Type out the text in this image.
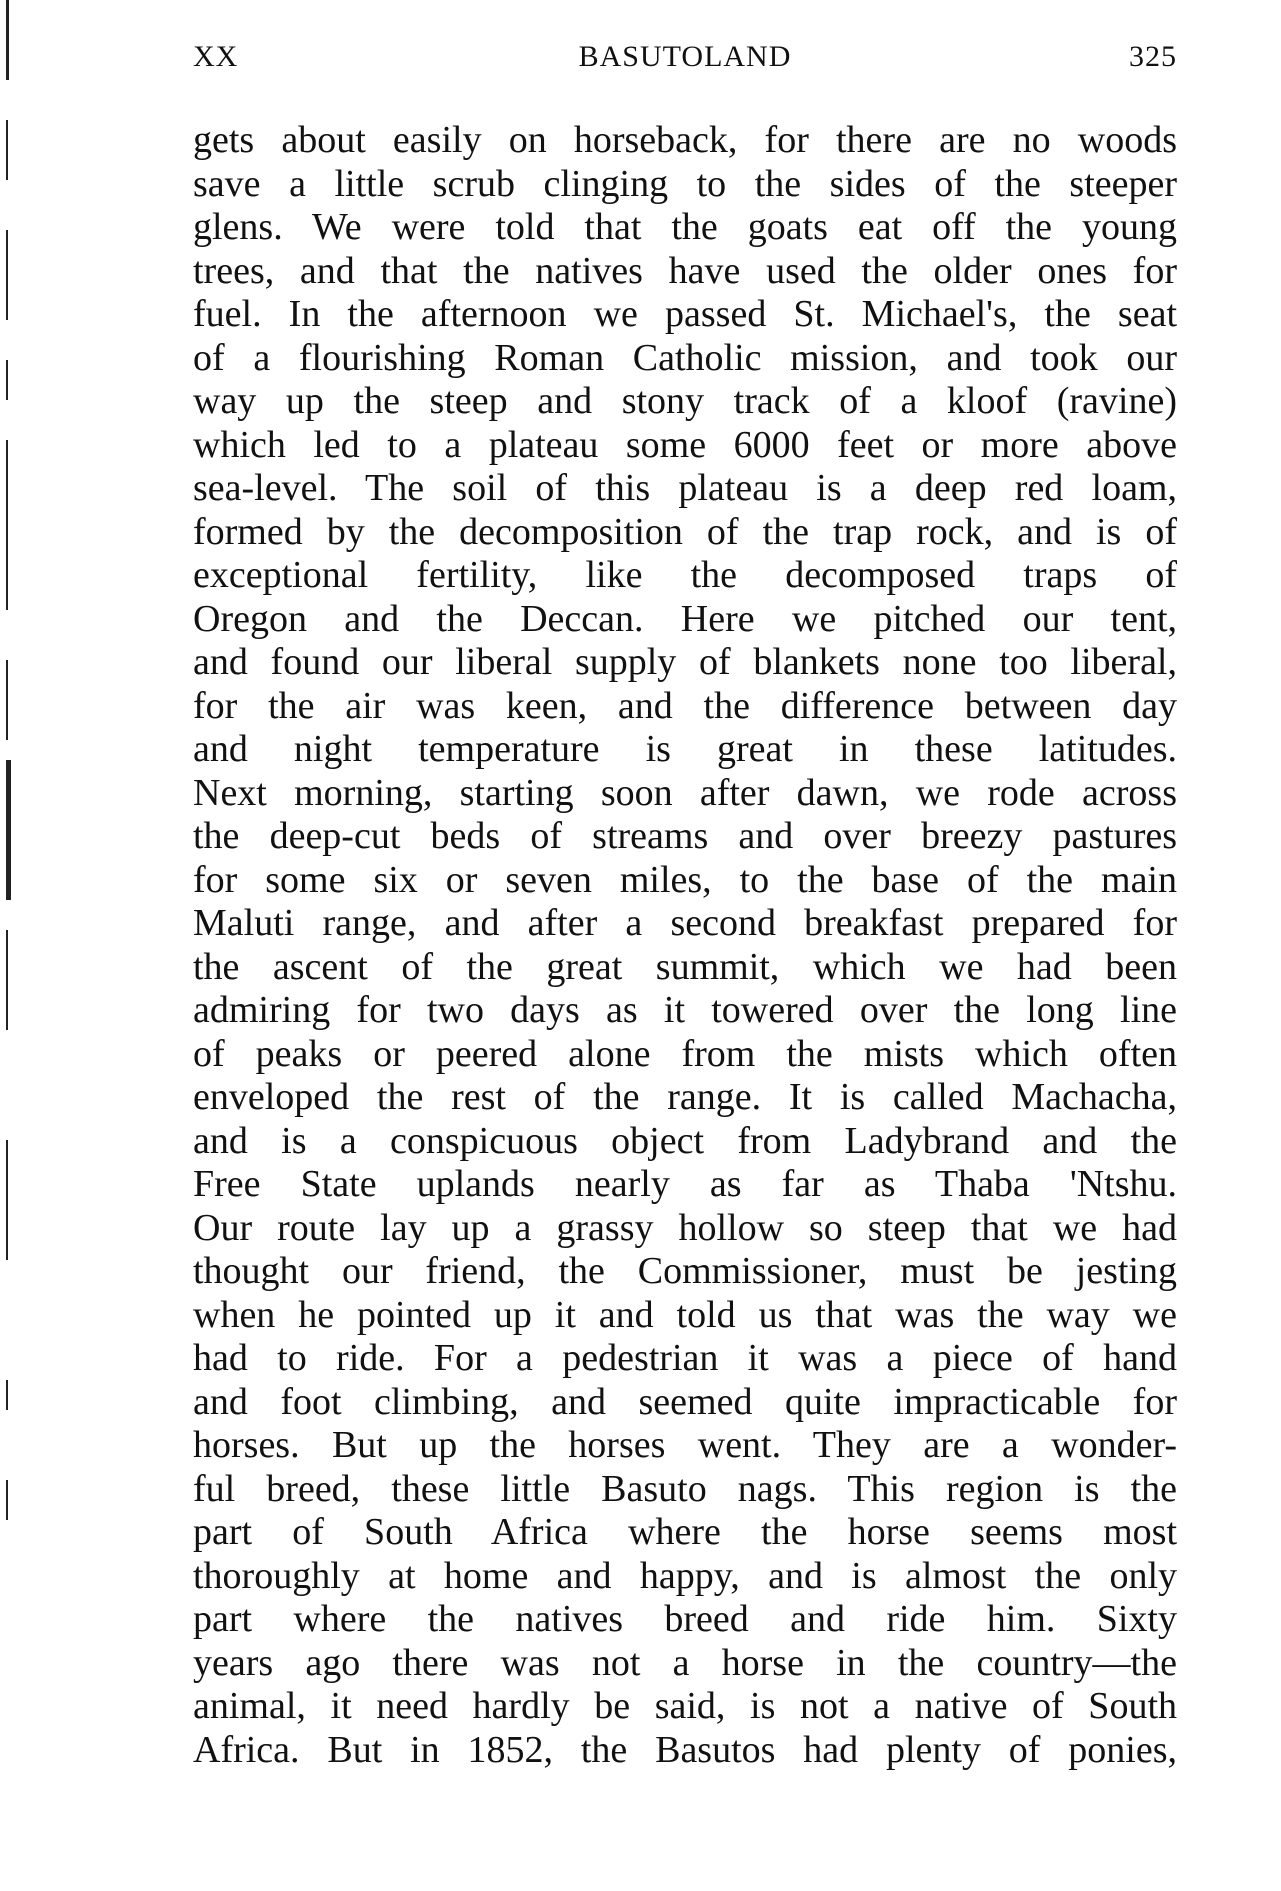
XX	BASUTOLAND	325
gets about easily on horseback, for there are no woods
save a little scrub clinging to the sides of the steeper
glens. We were told that the goats eat off the young
trees, and that the natives have used the older ones for
fuel. In the afternoon we passed St. Michael's, the seat
of a flourishing Roman Catholic mission, and took our
way up the steep and stony track of a kloof (ravine)
which led to a plateau some 6000 feet or more above
sea-level. The soil of this plateau is a deep red loam,
formed by the decomposition of the trap rock, and is of
exceptional fertility, like the decomposed traps of
Oregon and the Deccan. Here we pitched our tent,
and found our liberal supply of blankets none too liberal,
for the air was keen, and the difference between day
and night temperature is great in these latitudes.
Next morning, starting soon after dawn, we rode across
the deep-cut beds of streams and over breezy pastures
for some six or seven miles, to the base of the main
Maluti range, and after a second breakfast prepared for
the ascent of the great summit, which we had been
admiring for two days as it towered over the long line
of peaks or peered alone from the mists which often
enveloped the rest of the range. It is called Machacha,
and is a conspicuous object from Ladybrand and the
Free State uplands nearly as far as Thaba 'Ntshu.
Our route lay up a grassy hollow so steep that we had
thought our friend, the Commissioner, must be jesting
when he pointed up it and told us that was the way we
had to ride. For a pedestrian it was a piece of hand
and foot climbing, and seemed quite impracticable for
horses. But up the horses went. They are a wonder-
ful breed, these little Basuto nags. This region is the
part of South Africa where the horse seems most
thoroughly at home and happy, and is almost the only
part where the natives breed and ride him. Sixty
years ago there was not a horse in the country—the
animal, it need hardly be said, is not a native of South
Africa. But in 1852, the Basutos had plenty of ponies,
